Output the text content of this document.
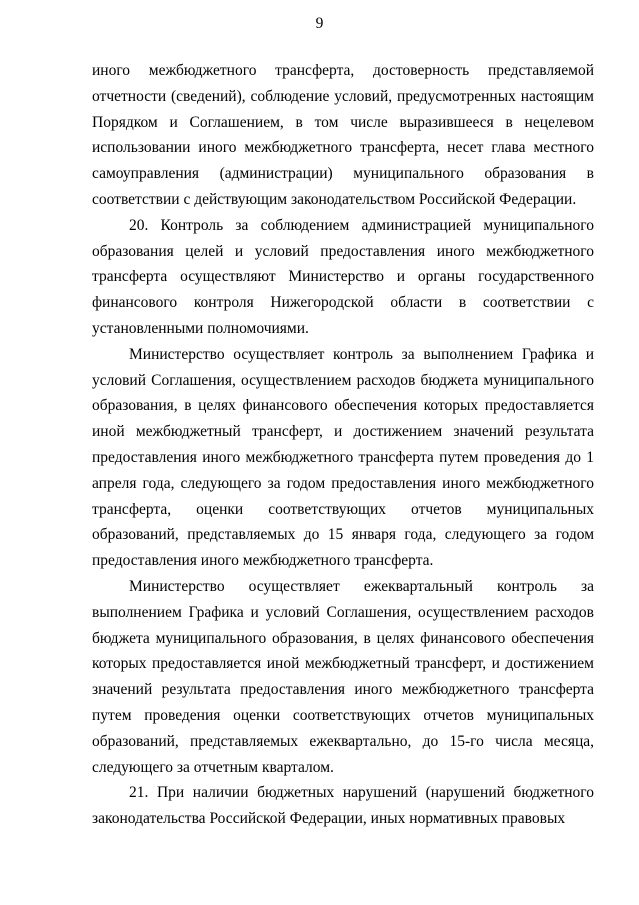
9

иного межбюджетного трансферта, достоверность представляемой отчетности (сведений), соблюдение условий, предусмотренных настоящим Порядком и Соглашением, в том числе выразившееся в нецелевом использовании иного межбюджетного трансферта, несет глава местного самоуправления (администрации) муниципального образования в соответствии с действующим законодательством Российской Федерации.

20. Контроль за соблюдением администрацией муниципального образования целей и условий предоставления иного межбюджетного трансферта осуществляют Министерство и органы государственного финансового контроля Нижегородской области в соответствии с установленными полномочиями.

Министерство осуществляет контроль за выполнением Графика и условий Соглашения, осуществлением расходов бюджета муниципального образования, в целях финансового обеспечения которых предоставляется иной межбюджетный трансферт, и достижением значений результата предоставления иного межбюджетного трансферта путем проведения до 1 апреля года, следующего за годом предоставления иного межбюджетного трансферта, оценки соответствующих отчетов муниципальных образований, представляемых до 15 января года, следующего за годом предоставления иного межбюджетного трансферта.

Министерство осуществляет ежеквартальный контроль за выполнением Графика и условий Соглашения, осуществлением расходов бюджета муниципального образования, в целях финансового обеспечения которых предоставляется иной межбюджетный трансферт, и достижением значений результата предоставления иного межбюджетного трансферта путем проведения оценки соответствующих отчетов муниципальных образований, представляемых ежеквартально, до 15-го числа месяца, следующего за отчетным кварталом.

21. При наличии бюджетных нарушений (нарушений бюджетного законодательства Российской Федерации, иных нормативных правовых
